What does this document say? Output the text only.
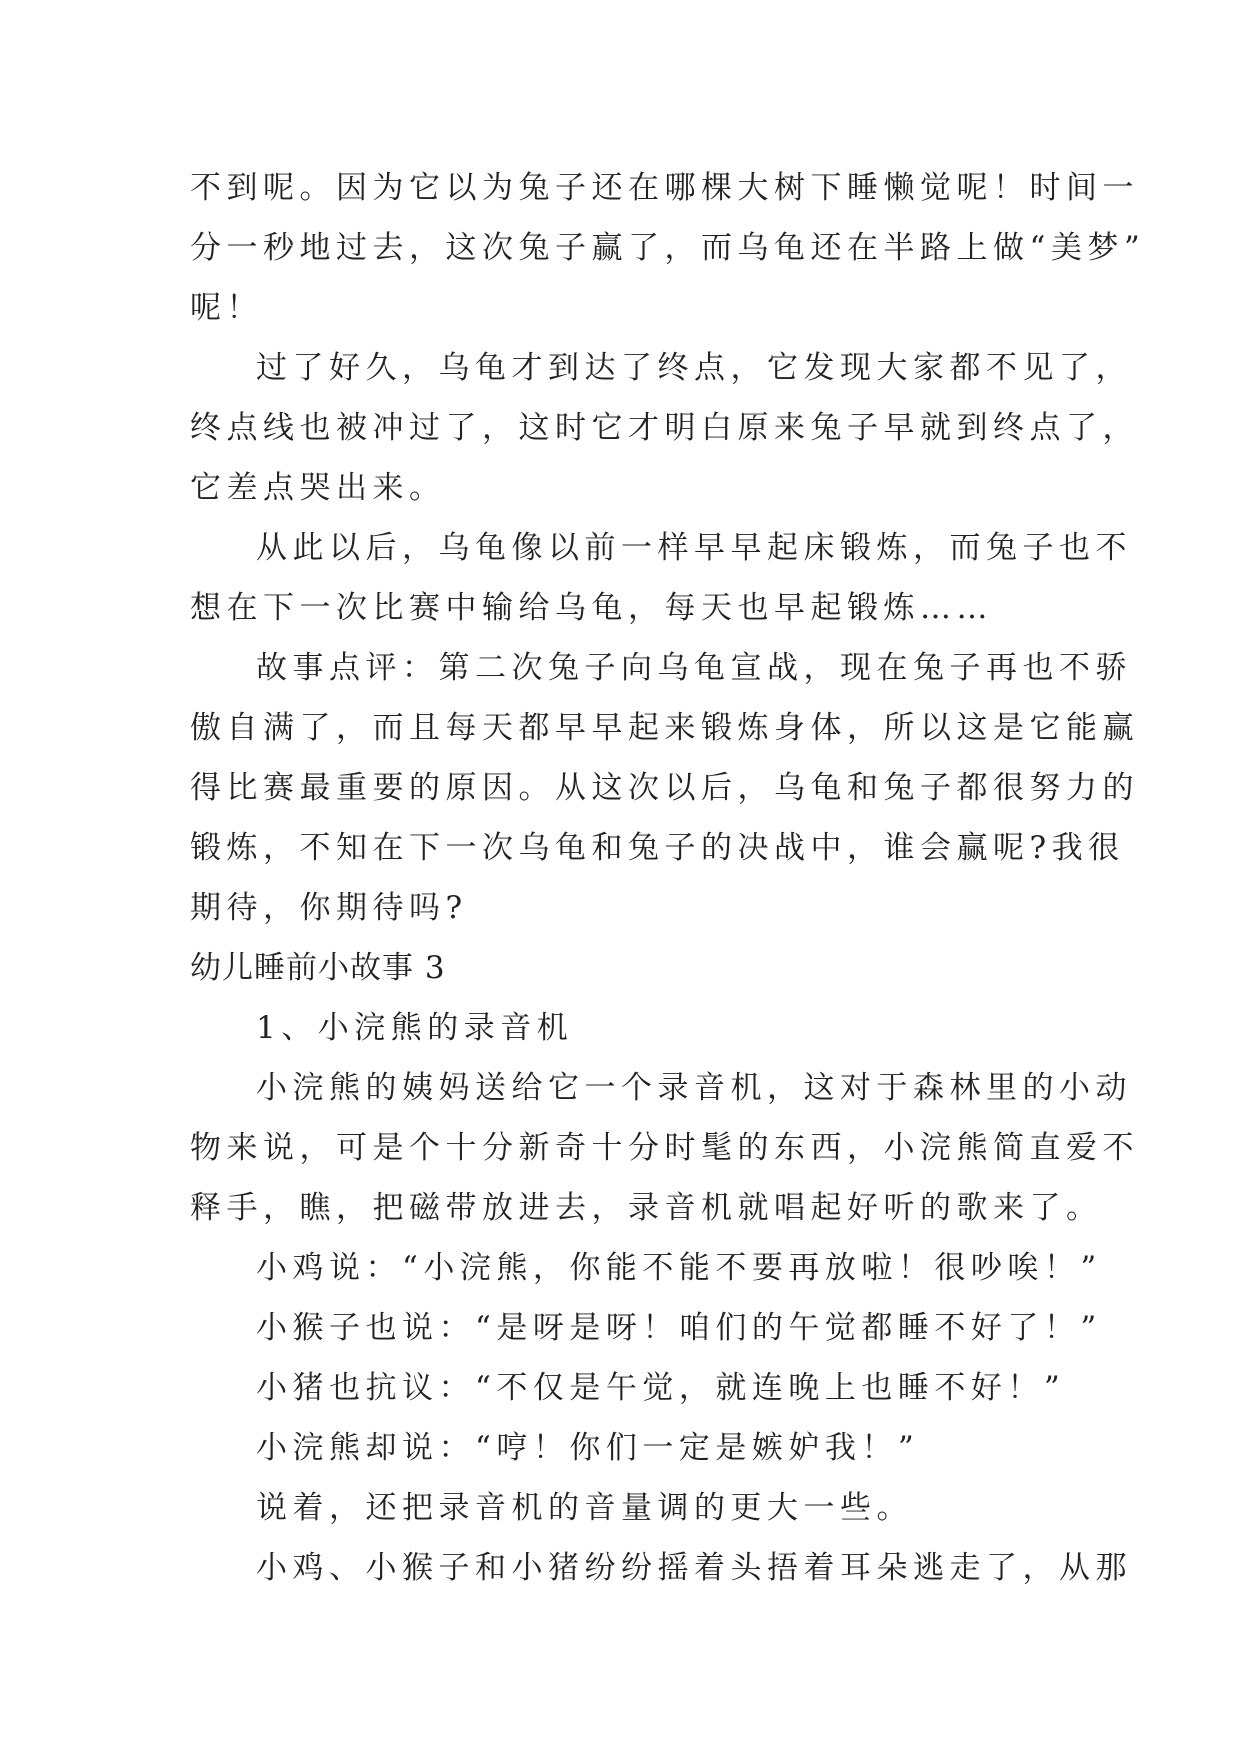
不到呢。因为它以为兔子还在哪棵大树下睡懒觉呢！时间一
分一秒地过去，这次兔子赢了，而乌龟还在半路上做“美梦”
呢！
过了好久，乌龟才到达了终点，它发现大家都不见了，
终点线也被冲过了，这时它才明白原来兔子早就到终点了，
它差点哭出来。
从此以后，乌龟像以前一样早早起床锻炼，而兔子也不
想在下一次比赛中输给乌龟，每天也早起锻炼……
故事点评：第二次兔子向乌龟宣战，现在兔子再也不骄
傲自满了，而且每天都早早起来锻炼身体，所以这是它能赢
得比赛最重要的原因。从这次以后，乌龟和兔子都很努力的
锻炼，不知在下一次乌龟和兔子的决战中，谁会赢呢?我很
期待，你期待吗?
幼儿睡前小故事 3
1、小浣熊的录音机
小浣熊的姨妈送给它一个录音机，这对于森林里的小动
物来说，可是个十分新奇十分时髦的东西，小浣熊简直爱不
释手，瞧，把磁带放进去，录音机就唱起好听的歌来了。
小鸡说：“小浣熊，你能不能不要再放啦！很吵唉！”
小猴子也说：“是呀是呀！咱们的午觉都睡不好了！”
小猪也抗议：“不仅是午觉，就连晚上也睡不好！”
小浣熊却说：“哼！你们一定是嫉妒我！”
说着，还把录音机的音量调的更大一些。
小鸡、小猴子和小猪纷纷摇着头捂着耳朵逃走了，从那
